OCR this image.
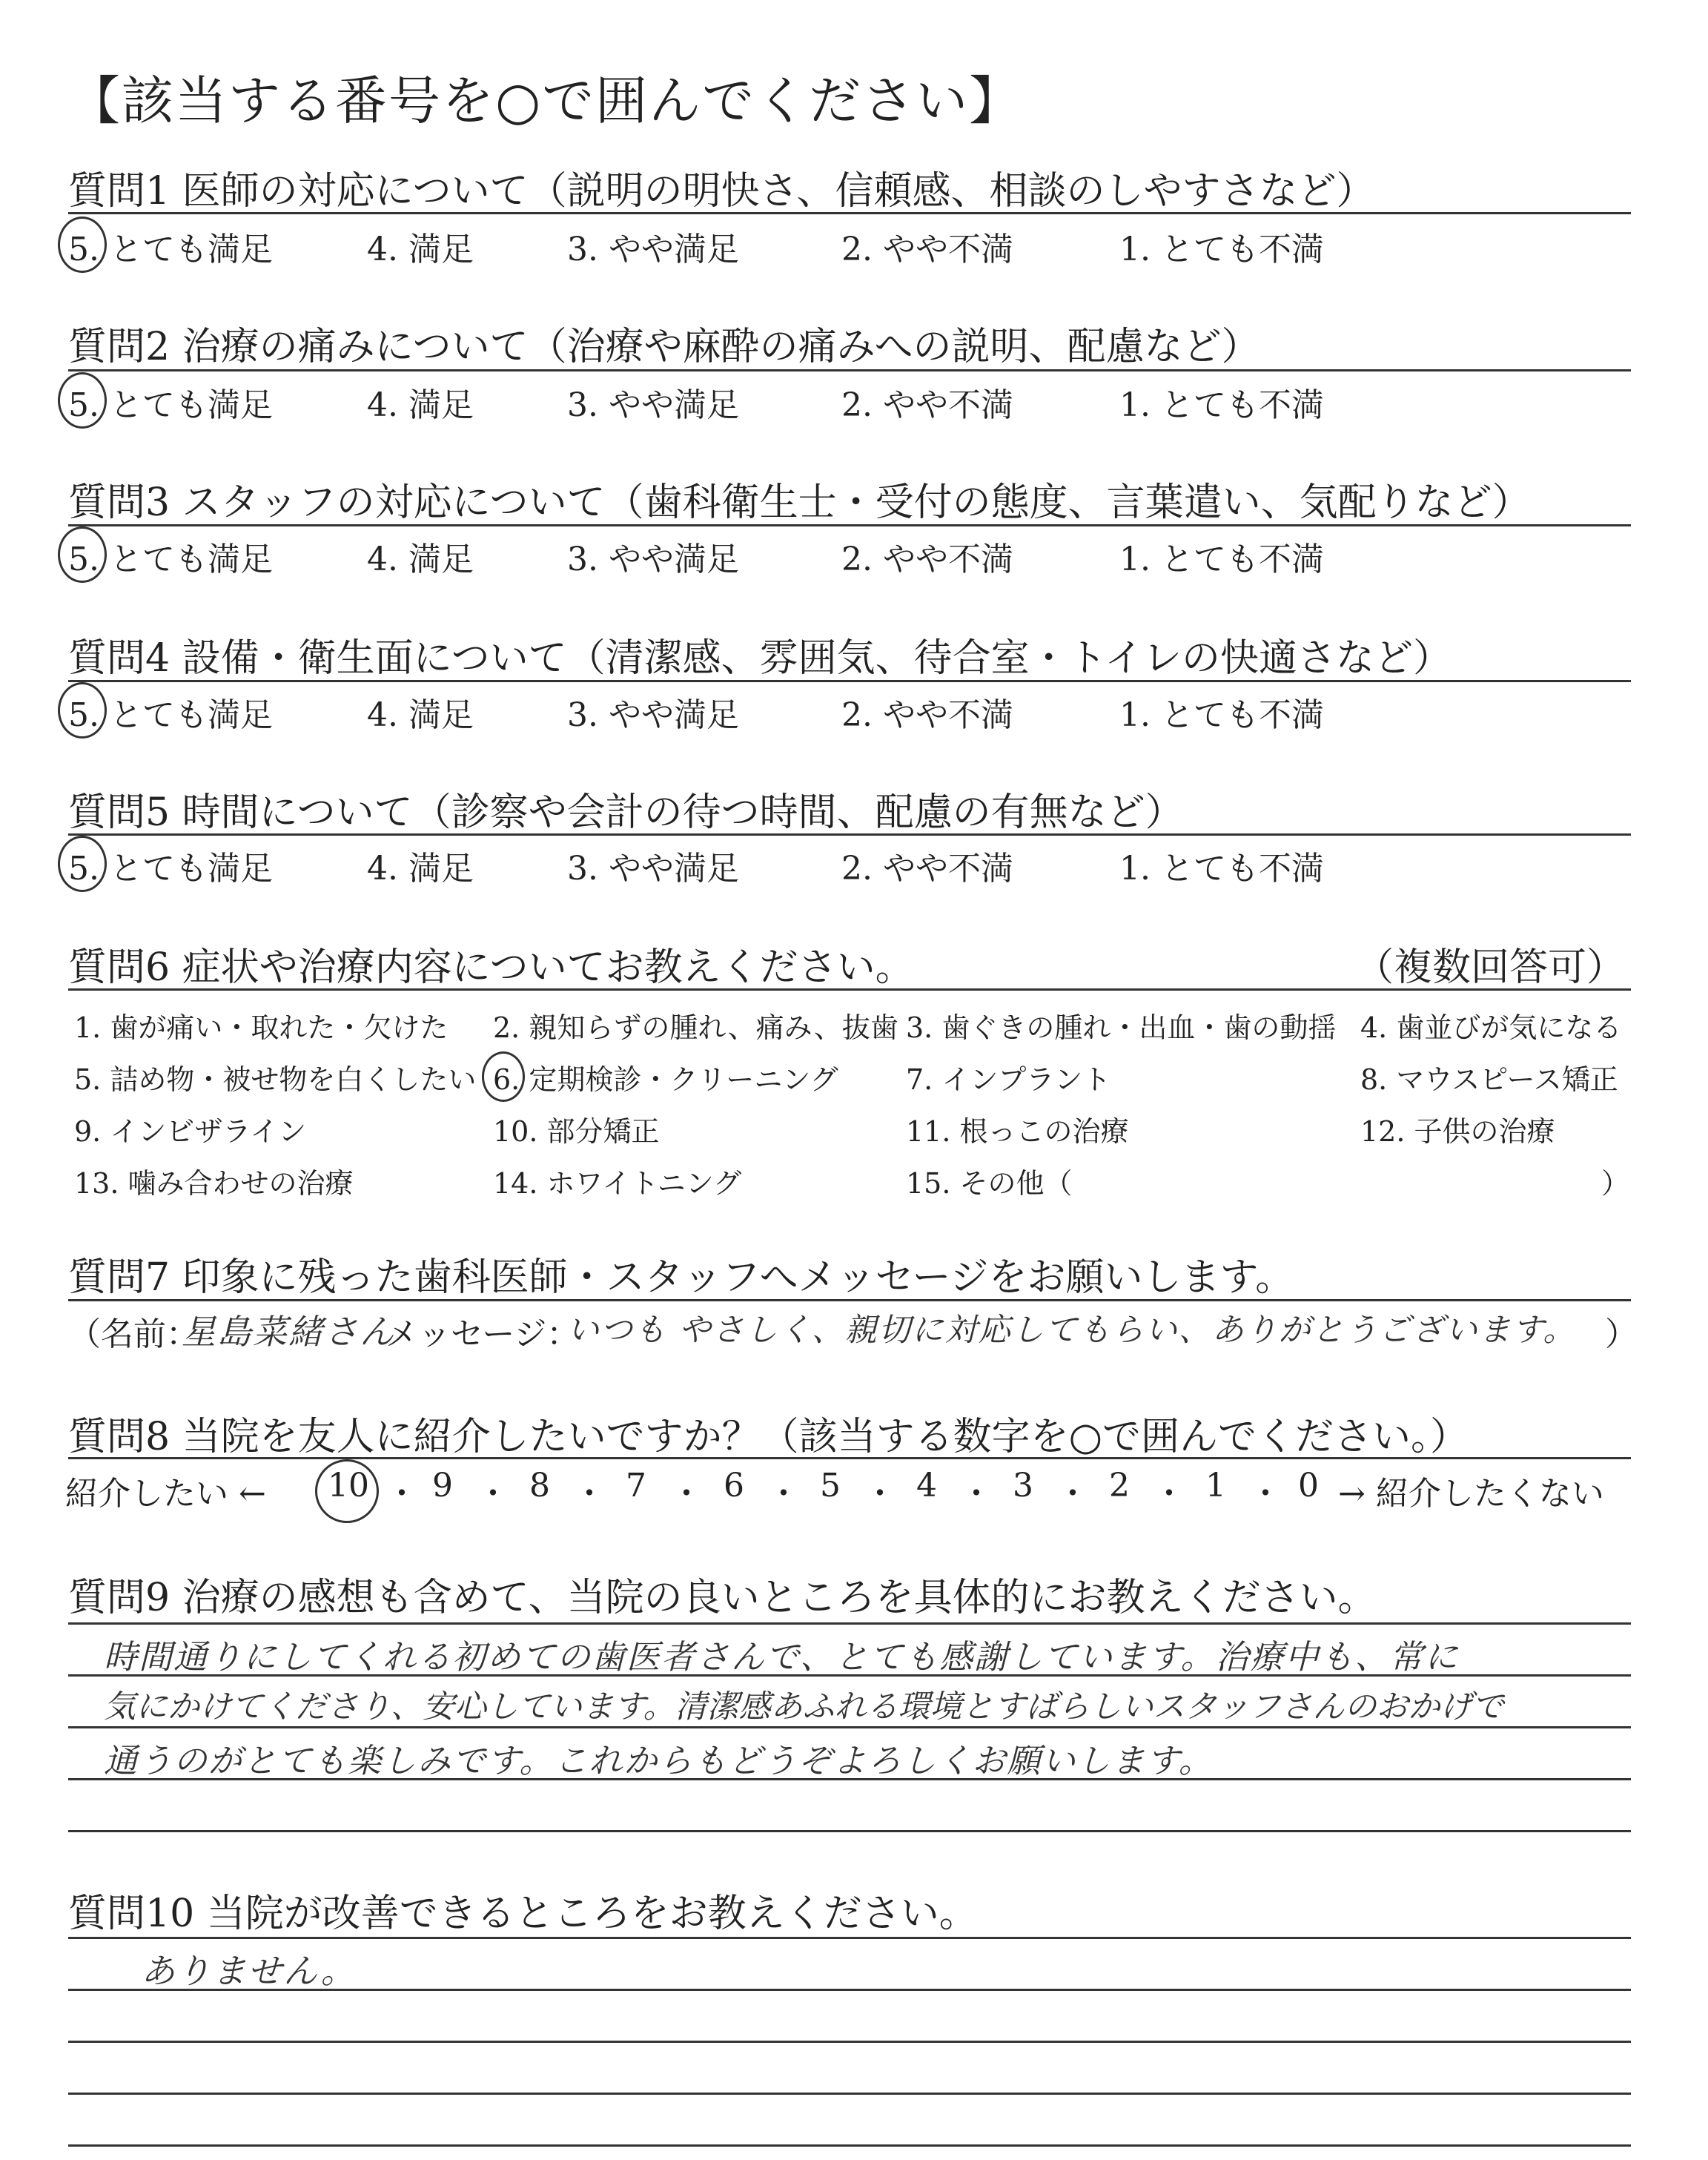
【該当する番号を○で囲んでください】
質問1 医師の対応について（説明の明快さ、信頼感、相談のしやすさなど）
5. とても満足	4. 満足	3. やや満足	2. やや不満	1. とても不満
質問2 治療の痛みについて（治療や麻酔の痛みへの説明、配慮など）
5. とても満足	4. 満足	3. やや満足	2. やや不満	1. とても不満
質問3 スタッフの対応について（歯科衛生士・受付の態度、言葉遣い、気配りなど）
5. とても満足	4. 満足	3. やや満足	2. やや不満	1. とても不満
質問4 設備・衛生面について（清潔感、雰囲気、待合室・トイレの快適さなど）
5. とても満足	4. 満足	3. やや満足	2. やや不満	1. とても不満
質問5 時間について（診察や会計の待つ時間、配慮の有無など）
5. とても満足	4. 満足	3. やや満足	2. やや不満	1. とても不満
質問6 症状や治療内容についてお教えください。	（複数回答可）
1. 歯が痛い・取れた・欠けた 2. 親知らずの腫れ、痛み、抜歯 3. 歯ぐきの腫れ・出血・歯の動揺 4. 歯並びが気になる
5. 詰め物・被せ物を白くしたい 6. 定期検診・クリーニング 7. インプラント	8. マウスピース矯正
9. インビザライン	10. 部分矯正	11. 根っこの治療	12. 子供の治療
13. 噛み合わせの治療	14. ホワイトニング	15. その他（	）
質問7 印象に残った歯科医師・スタッフへメッセージをお願いします。
（名前：
星島菜緒さん
メッセージ：
いつも やさしく、親切に対応してもらい、ありがとうございます。 ）
質問8 当院を友人に紹介したいですか？（該当する数字を○で囲んでください。）
紹介したい ←	→ 紹介したくない
10 ・ 9 ・ 8 ・ 7 ・ 6 ・ 5 ・ 4 ・ 3 ・ 2 ・ 1 ・ 0
質問9 治療の感想も含めて、当院の良いところを具体的にお教えください。
時間通りにしてくれる初めての歯医者さんで、とても感謝しています。治療中も、常に
気にかけてくださり、安心しています。清潔感あふれる環境とすばらしいスタッフさんのおかげで
通うのがとても楽しみです。これからもどうぞよろしくお願いします。
質問10 当院が改善できるところをお教えください。
ありません。
